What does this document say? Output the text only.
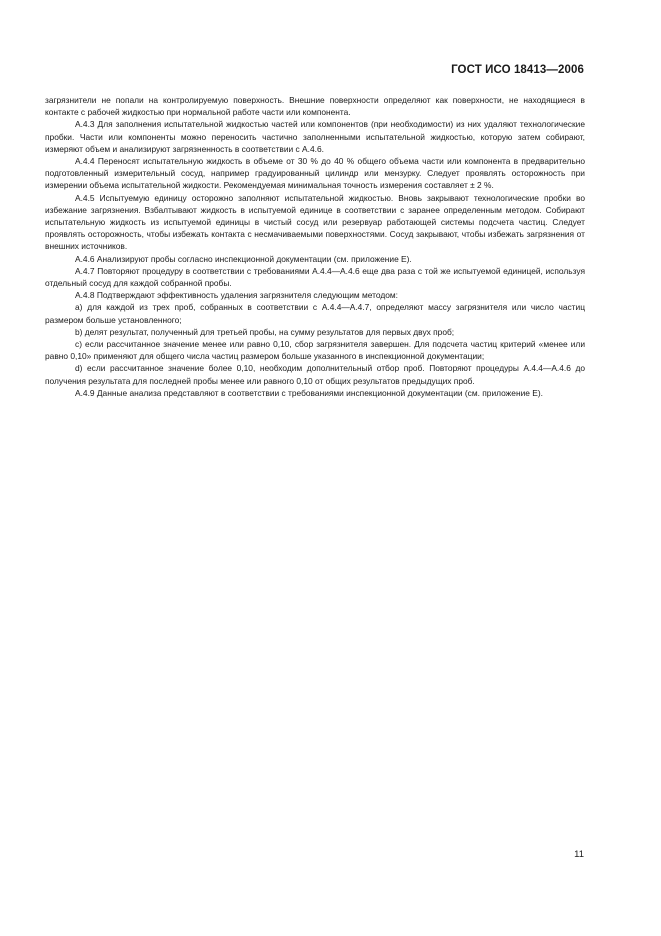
ГОСТ ИСО 18413—2006

загрязнители не попали на контролируемую поверхность. Внешние поверхности определяют как поверхности, не находящиеся в контакте с рабочей жидкостью при нормальной работе части или компонента.

А.4.3 Для заполнения испытательной жидкостью частей или компонентов (при необходимости) из них удаляют технологические пробки. Части или компоненты можно переносить частично заполненными испытательной жидкостью, которую затем собирают, измеряют объем и анализируют загрязненность в соответствии с А.4.6.

А.4.4 Переносят испытательную жидкость в объеме от 30 % до 40 % общего объема части или компонента в предварительно подготовленный измерительный сосуд, например градуированный цилиндр или мензурку. Следует проявлять осторожность при измерении объема испытательной жидкости. Рекомендуемая минимальная точность измерения составляет ± 2 %.

А.4.5 Испытуемую единицу осторожно заполняют испытательной жидкостью. Вновь закрывают технологические пробки во избежание загрязнения. Взбалтывают жидкость в испытуемой единице в соответствии с заранее определенным методом. Собирают испытательную жидкость из испытуемой единицы в чистый сосуд или резервуар работающей системы подсчета частиц. Следует проявлять осторожность, чтобы избежать контакта с несмачиваемыми поверхностями. Сосуд закрывают, чтобы избежать загрязнения от внешних источников.

А.4.6 Анализируют пробы согласно инспекционной документации (см. приложение Е).

А.4.7 Повторяют процедуру в соответствии с требованиями А.4.4—А.4.6 еще два раза с той же испытуемой единицей, используя отдельный сосуд для каждой собранной пробы.

А.4.8 Подтверждают эффективность удаления загрязнителя следующим методом:

а) для каждой из трех проб, собранных в соответствии с А.4.4—А.4.7, определяют массу загрязнителя или число частиц размером больше установленного;

b) делят результат, полученный для третьей пробы, на сумму результатов для первых двух проб;

c) если рассчитанное значение менее или равно 0,10, сбор загрязнителя завершен. Для подсчета частиц критерий «менее или равно 0,10» применяют для общего числа частиц размером больше указанного в инспекционной документации;

d) если рассчитанное значение более 0,10, необходим дополнительный отбор проб. Повторяют процедуры А.4.4—А.4.6 до получения результата для последней пробы менее или равного 0,10 от общих результатов предыдущих проб.

А.4.9 Данные анализа представляют в соответствии с требованиями инспекционной документации (см. приложение Е).

11
